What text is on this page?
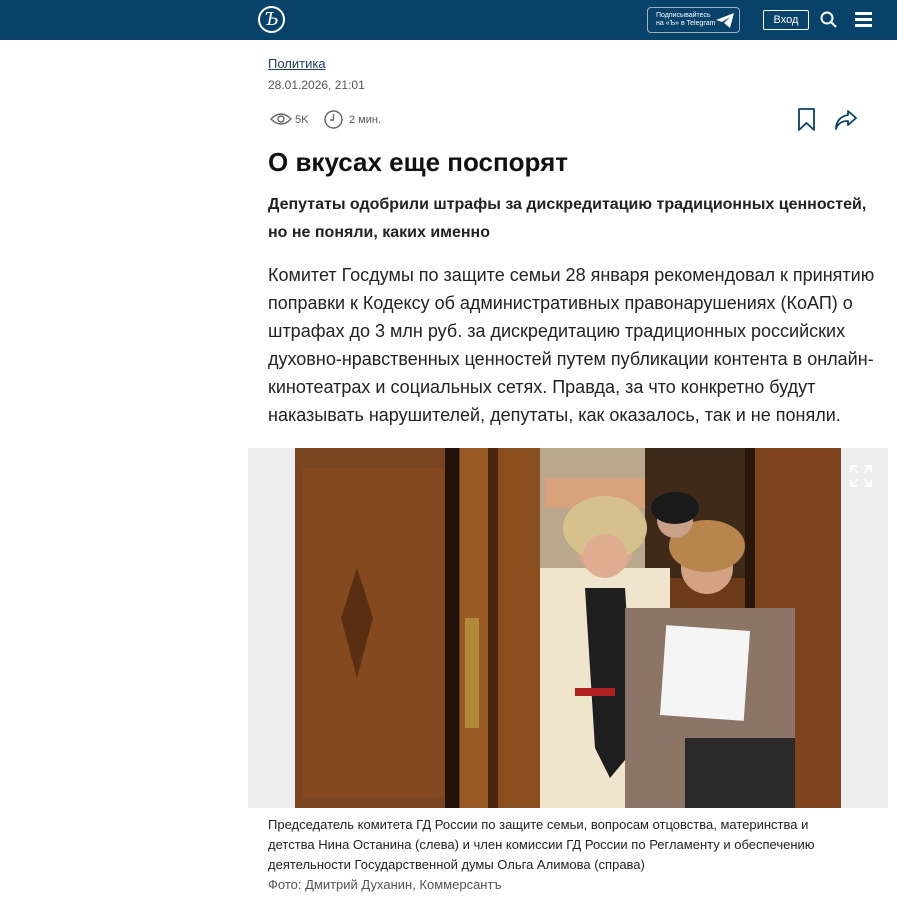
Ъ	Подписывайтесь на «Ъ» в Telegram	Вход
Политика
28.01.2026, 21:01
5K	2 мин.
О вкусах еще поспорят
Депутаты одобрили штрафы за дискредитацию традиционных ценностей, но не поняли, каких именно

Комитет Госдумы по защите семьи 28 января рекомендовал к принятию поправки к Кодексу об административных правонарушениях (КоАП) о штрафах до 3 млн руб. за дискредитацию традиционных российских духовно-нравственных ценностей путем публикации контента в онлайн-кинотеатрах и социальных сетях. Правда, за что конкретно будут наказывать нарушителей, депутаты, как оказалось, так и не поняли.

Председатель комитета ГД России по защите семьи, вопросам отцовства, материнства и детства Нина Останина (слева) и член комиссии ГД России по Регламенту и обеспечению деятельности Государственной думы Ольга Алимова (справа)
Фото: Дмитрий Духанин, Коммерсантъ
